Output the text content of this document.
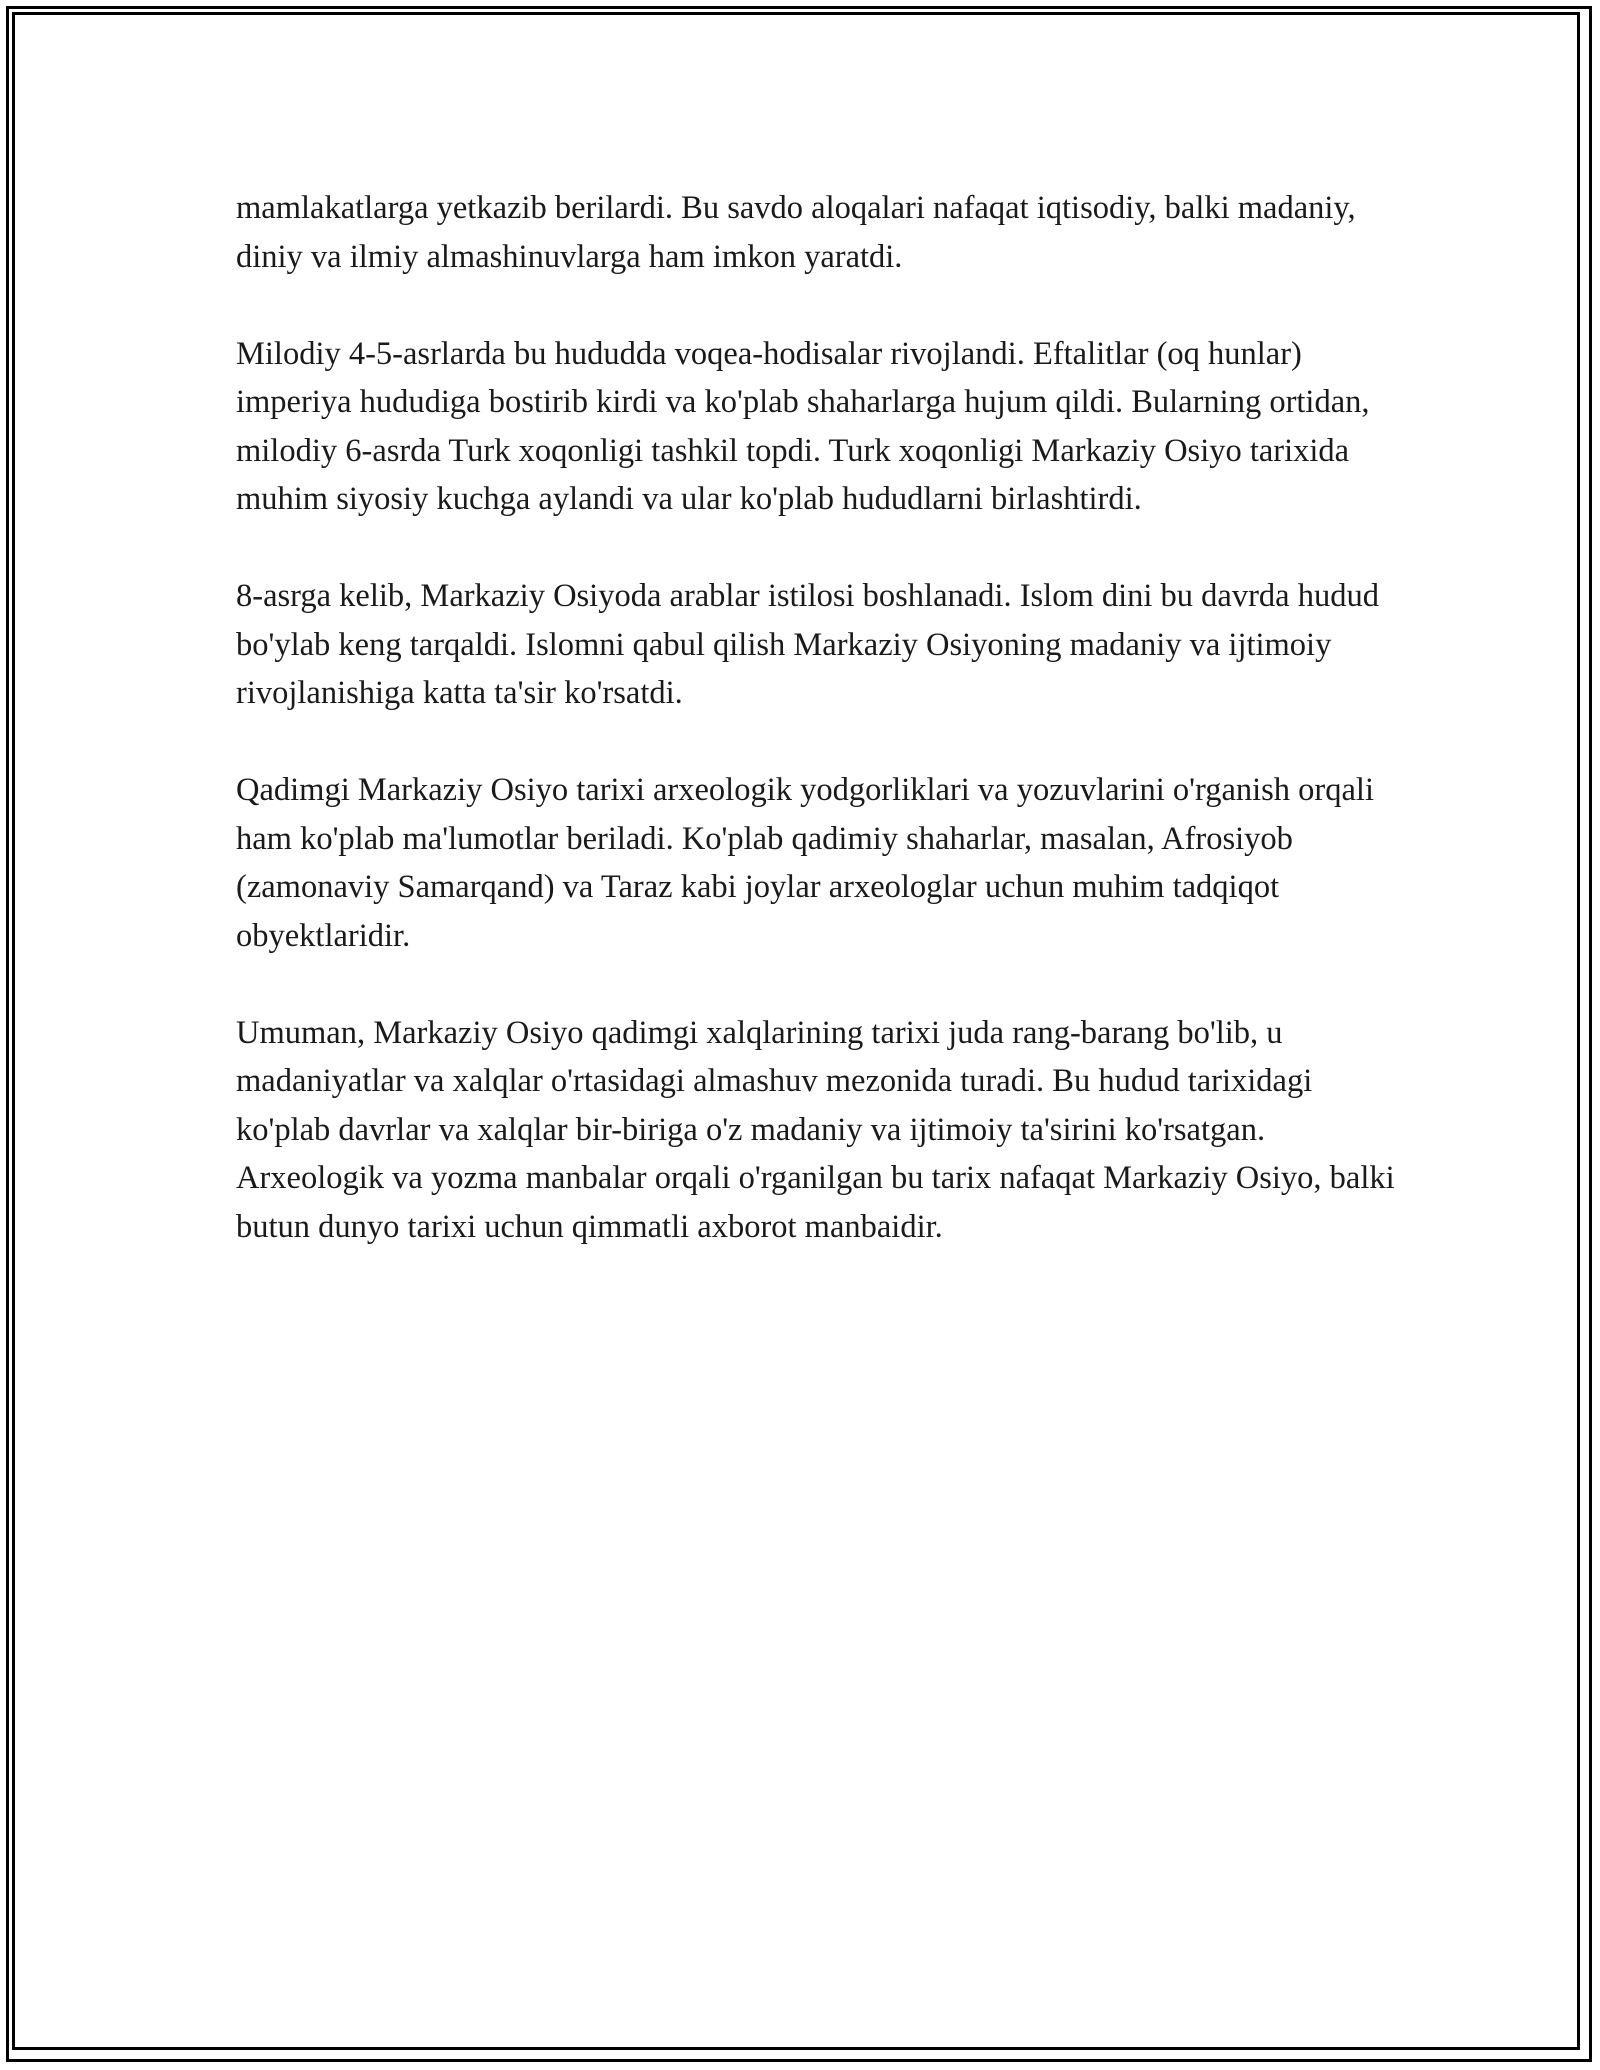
mamlakatlarga yetkazib berilardi. Bu savdo aloqalari nafaqat iqtisodiy, balki madaniy, diniy va ilmiy almashinuvlarga ham imkon yaratdi.

Milodiy 4-5-asrlarda bu hududda voqea-hodisalar rivojlandi. Eftalitlar (oq hunlar) imperiya hududiga bostirib kirdi va ko'plab shaharlarga hujum qildi. Bularning ortidan, milodiy 6-asrda Turk xoqonligi tashkil topdi. Turk xoqonligi Markaziy Osiyo tarixida muhim siyosiy kuchga aylandi va ular ko'plab hududlarni birlashtirdi.

8-asrga kelib, Markaziy Osiyoda arablar istilosi boshlanadi. Islom dini bu davrda hudud bo'ylab keng tarqaldi. Islomni qabul qilish Markaziy Osiyoning madaniy va ijtimoiy rivojlanishiga katta ta'sir ko'rsatdi.

Qadimgi Markaziy Osiyo tarixi arxeologik yodgorliklari va yozuvlarini o'rganish orqali ham ko'plab ma'lumotlar beriladi. Ko'plab qadimiy shaharlar, masalan, Afrosiyob (zamonaviy Samarqand) va Taraz kabi joylar arxeologlar uchun muhim tadqiqot obyektlaridir.

Umuman, Markaziy Osiyo qadimgi xalqlarining tarixi juda rang-barang bo'lib, u madaniyatlar va xalqlar o'rtasidagi almashuv mezonida turadi. Bu hudud tarixidagi ko'plab davrlar va xalqlar bir-biriga o'z madaniy va ijtimoiy ta'sirini ko'rsatgan. Arxeologik va yozma manbalar orqali o'rganilgan bu tarix nafaqat Markaziy Osiyo, balki butun dunyo tarixi uchun qimmatli axborot manbaidir.
